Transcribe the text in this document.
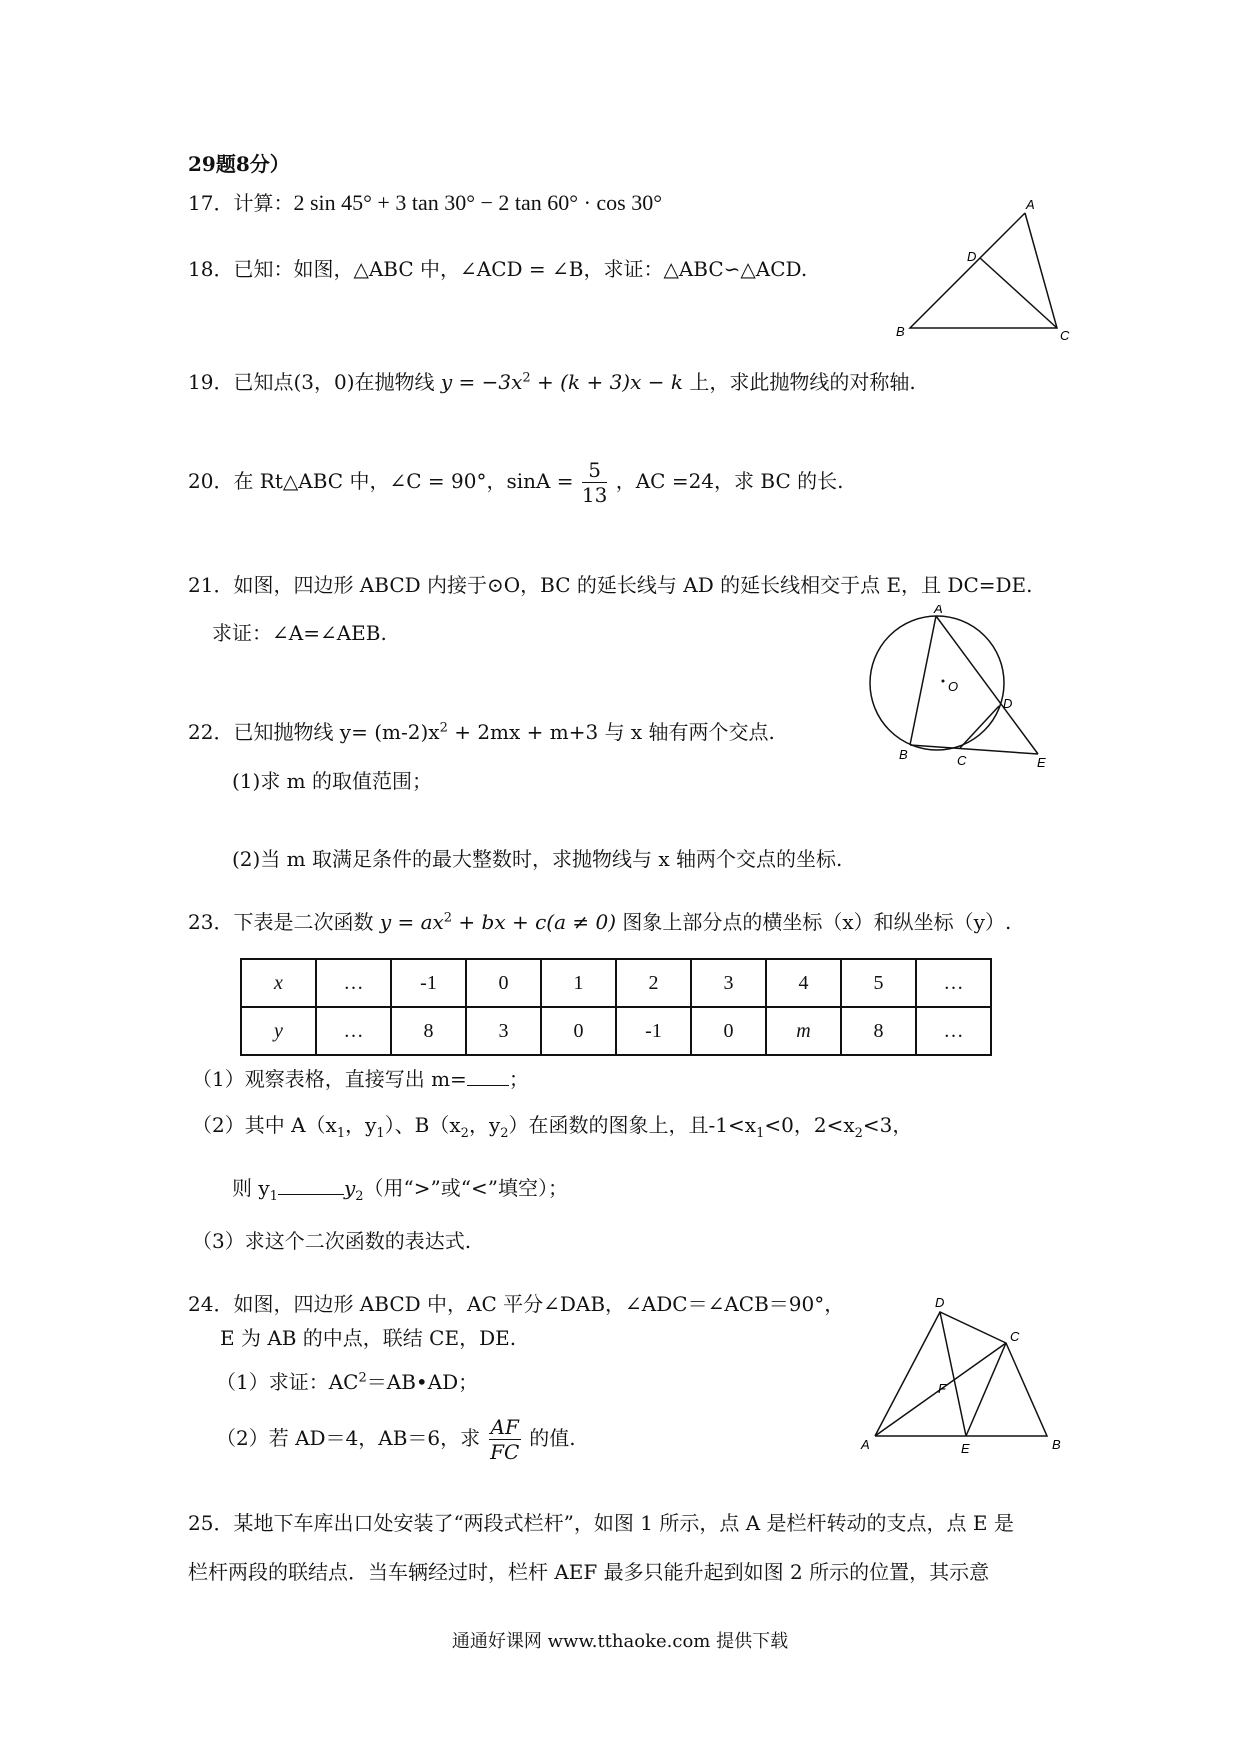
29题8分）
17．计算：2 sin 45° + 3 tan 30° − 2 tan 60° · cos 30°
18．已知：如图，△ABC 中，∠ACD = ∠B，求证：△ABC∽△ACD.
A
B	C
D
19．已知点(3，0)在抛物线 $y = -3x^2 + (k + 3)x - k$ 上，求此抛物线的对称轴.
20．在 Rt△ABC 中，∠C = 90°，$\sin A = \frac{5}{13}$ ，AC =24，求 BC 的长.
21．如图，四边形 ABCD 内接于⊙O，BC 的延长线与 AD 的延长线相交于点 E，且 DC=DE.
求证：∠A=∠AEB.
A
B	C
D
E
O
22．已知抛物线 $y= (m-2)x^2 + 2mx + m+3$ 与 x 轴有两个交点.
(1)求 m 的取值范围；
(2)当 m 取满足条件的最大整数时，求抛物线与 x 轴两个交点的坐标.
23．下表是二次函数 $y = ax^2$ + bx + c(a ≠ 0) 图象上部分点的横坐标（x）和纵坐标（y）.
x	…	-1	0	1	2	3	4	5	…
y	…	8	3	0	-1	0	m	8	…
（1）观察表格，直接写出 m= ；
（2）其中 $A(x_1$，$y_1$）、$B(x_2$，$y_2$）在函数的图象上，且$-1<x_1<0$，$2<x_2<3$，
则 $y_1$	$y_2$（用“>”或“<”填空）；
（3）求这个二次函数的表达式.
24．如图，四边形 ABCD 中，AC 平分∠DAB，∠ADC＝∠ACB＝90°，
E 为 AB 的中点，联结 CE，DE.
（1）求证：$AC^2=AB•AD$；
（2）若 AD＝4，AB＝6，求 $\frac{AF}{FC}$ 的值.
D
C
F
A	E	B
25．某地下车库出口处安装了“两段式栏杆”，如图 1 所示，点 A 是栏杆转动的支点，点 E 是
栏杆两段的联结点．当车辆经过时，栏杆 AEF 最多只能升起到如图 2 所示的位置，其示意
通通好课网 www.tthaoke.com 提供下载
